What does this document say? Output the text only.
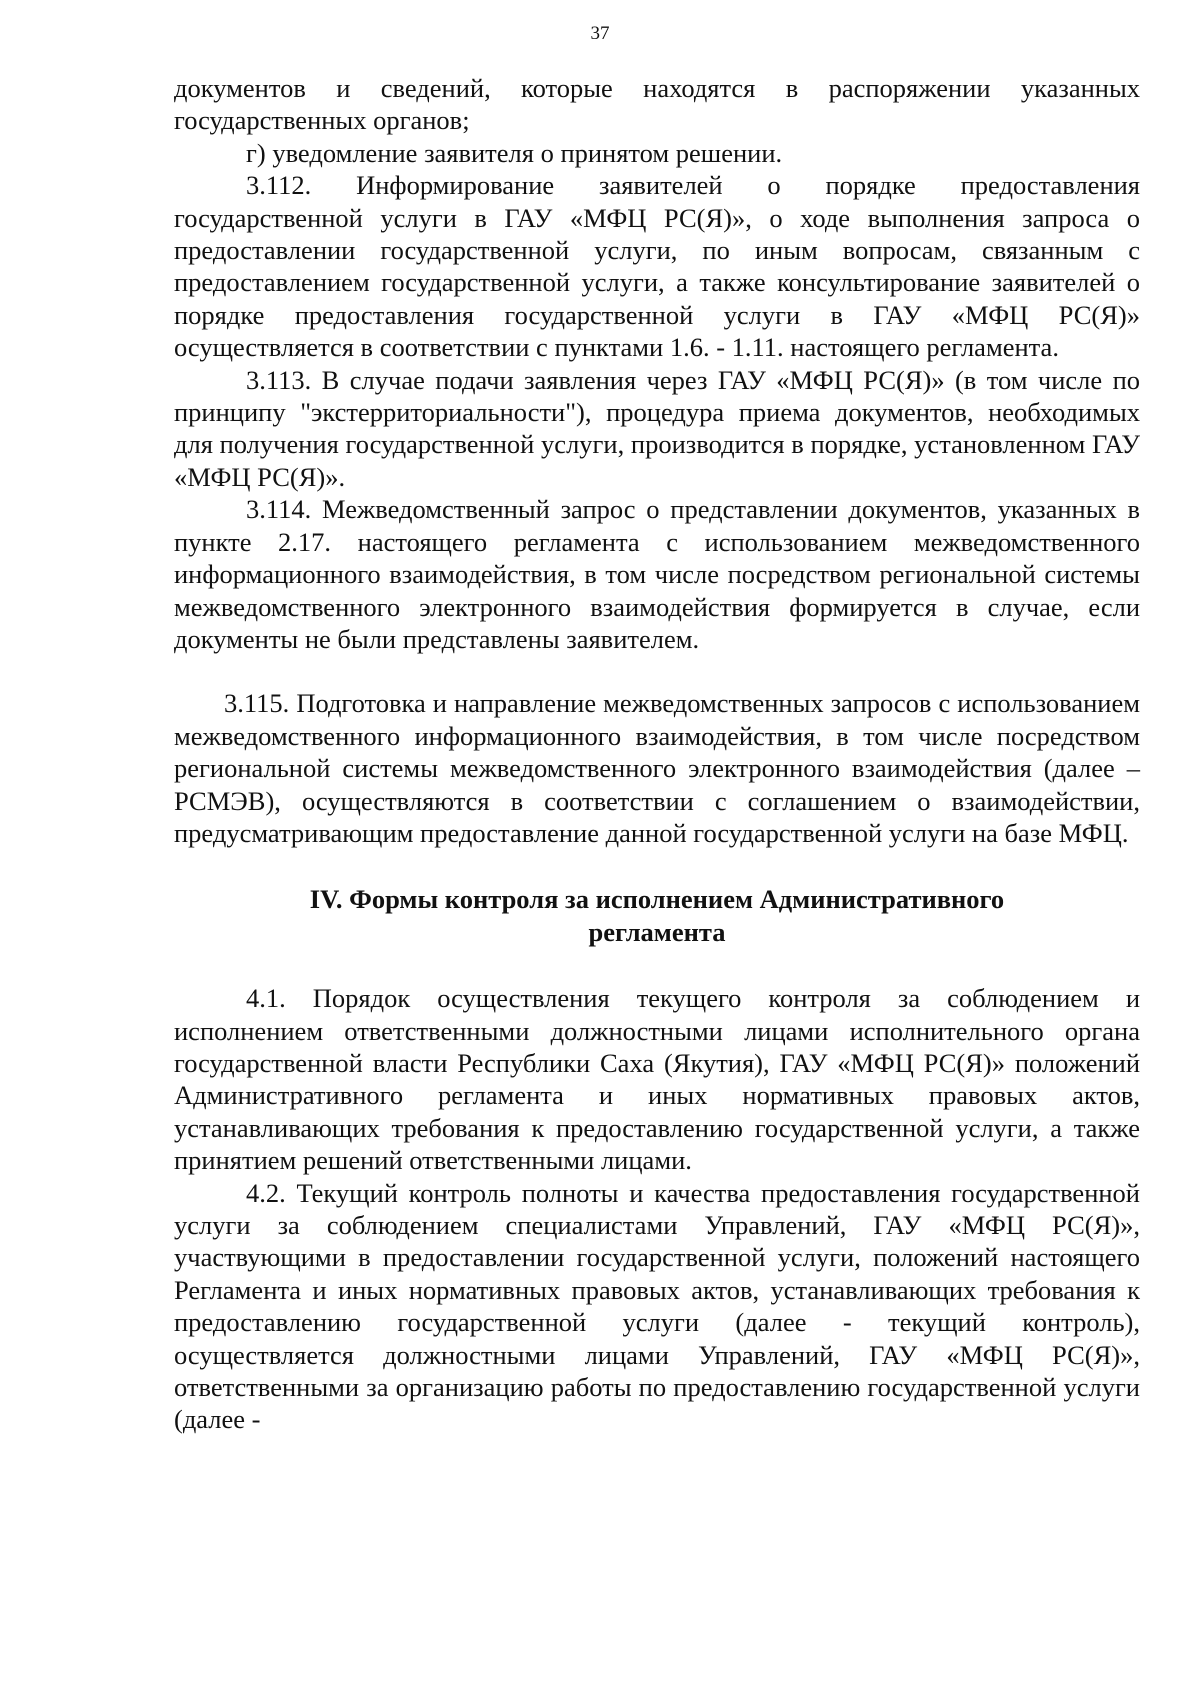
37

документов и сведений, которые находятся в распоряжении указанных государственных органов;

г) уведомление заявителя о принятом решении.

3.112. Информирование заявителей о порядке предоставления государственной услуги в ГАУ «МФЦ РС(Я)», о ходе выполнения запроса о предоставлении государственной услуги, по иным вопросам, связанным с предоставлением государственной услуги, а также консультирование заявителей о порядке предоставления государственной услуги в ГАУ «МФЦ РС(Я)» осуществляется в соответствии с пунктами 1.6. - 1.11. настоящего регламента.

3.113. В случае подачи заявления через ГАУ «МФЦ РС(Я)» (в том числе по принципу "экстерриториальности"), процедура приема документов, необходимых для получения государственной услуги, производится в порядке, установленном ГАУ «МФЦ РС(Я)».

3.114. Межведомственный запрос о представлении документов, указанных в пункте 2.17. настоящего регламента с использованием межведомственного информационного взаимодействия, в том числе посредством региональной системы межведомственного электронного взаимодействия формируется в случае, если документы не были представлены заявителем.

3.115. Подготовка и направление межведомственных запросов с использованием межведомственного информационного взаимодействия, в том числе посредством региональной системы межведомственного электронного взаимодействия (далее – РСМЭВ), осуществляются в соответствии с соглашением о взаимодействии, предусматривающим предоставление данной государственной услуги на базе МФЦ.

IV. Формы контроля за исполнением Административного
регламента

4.1. Порядок осуществления текущего контроля за соблюдением и исполнением ответственными должностными лицами исполнительного органа государственной власти Республики Саха (Якутия), ГАУ «МФЦ РС(Я)» положений Административного регламента и иных нормативных правовых актов, устанавливающих требования к предоставлению государственной услуги, а также принятием решений ответственными лицами.

4.2. Текущий контроль полноты и качества предоставления государственной услуги за соблюдением специалистами Управлений, ГАУ «МФЦ РС(Я)», участвующими в предоставлении государственной услуги, положений настоящего Регламента и иных нормативных правовых актов, устанавливающих требования к предоставлению государственной услуги (далее - текущий контроль), осуществляется должностными лицами Управлений, ГАУ «МФЦ РС(Я)», ответственными за организацию работы по предоставлению государственной услуги (далее -
